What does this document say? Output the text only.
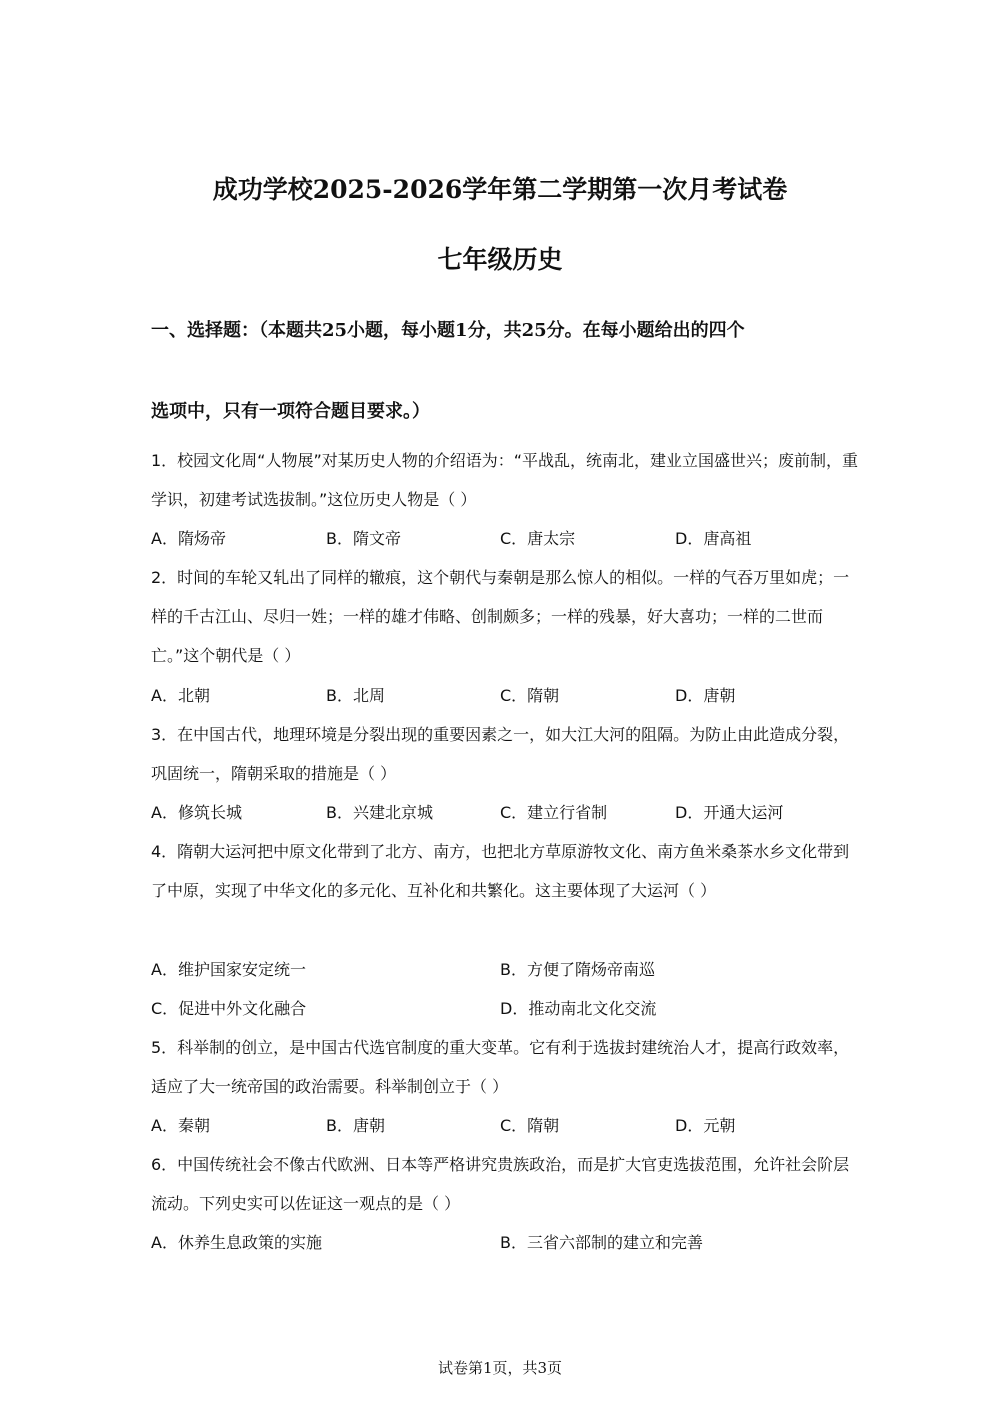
成功学校2025-2026学年第二学期第一次月考试卷
七年级历史
一、选择题：（本题共25小题，每小题1分，共25分。在每小题给出的四个
选项中，只有一项符合题目要求。）
1．校园文化周“人物展”对某历史人物的介绍语为：“平战乱，统南北，建业立国盛世兴；废前制，重学识，初建考试选拔制。”这位历史人物是（ ）
A．隋炀帝	B．隋文帝	C．唐太宗	D．唐高祖
2．时间的车轮又轧出了同样的辙痕，这个朝代与秦朝是那么惊人的相似。一样的气吞万里如虎；一样的千古江山、尽归一姓；一样的雄才伟略、创制颇多；一样的残暴，好大喜功；一样的二世而亡。”这个朝代是（ ）
A．北朝	B．北周	C．隋朝	D．唐朝
3．在中国古代，地理环境是分裂出现的重要因素之一，如大江大河的阻隔。为防止由此造成分裂，巩固统一，隋朝采取的措施是（ ）
A．修筑长城	B．兴建北京城	C．建立行省制	D．开通大运河
4．隋朝大运河把中原文化带到了北方、南方，也把北方草原游牧文化、南方鱼米桑茶水乡文化带到了中原，实现了中华文化的多元化、互补化和共繁化。这主要体现了大运河（ ）
A．维护国家安定统一	B．方便了隋炀帝南巡
C．促进中外文化融合	D．推动南北文化交流
5．科举制的创立，是中国古代选官制度的重大变革。它有利于选拔封建统治人才，提高行政效率，适应了大一统帝国的政治需要。科举制创立于（ ）
A．秦朝	B．唐朝	C．隋朝	D．元朝
6．中国传统社会不像古代欧洲、日本等严格讲究贵族政治，而是扩大官吏选拔范围，允许社会阶层流动。下列史实可以佐证这一观点的是（ ）
A．休养生息政策的实施	B．三省六部制的建立和完善
试卷第1页，共3页
